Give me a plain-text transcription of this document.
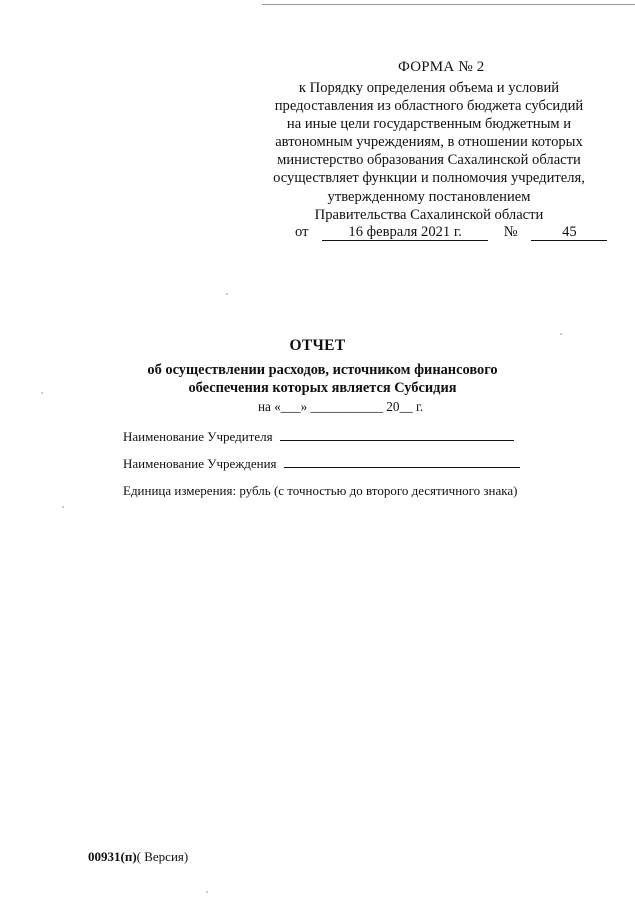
ФОРМА № 2
к Порядку определения объема и условий
предоставления из областного бюджета субсидий
на иные цели государственным бюджетным и
автономным учреждениям, в отношении которых
министерство образования Сахалинской области
осуществляет функции и полномочия учредителя,
утвержденному постановлением
Правительства Сахалинской области
от	16 февраля 2021 г.	№	45
ОТЧЕТ
об осуществлении расходов, источником финансового
обеспечения которых является Субсидия
на «___» ___________ 20__ г.
Наименование Учредителя
Наименование Учреждения
Единица измерения: рубль (с точностью до второго десятичного знака)
00931(п)( Версия)
